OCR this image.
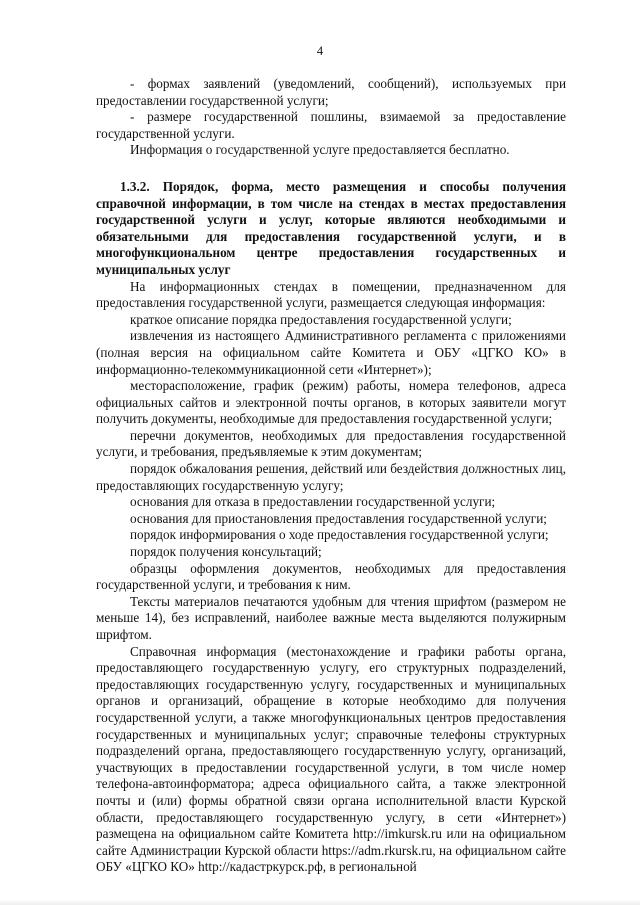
4

- формах заявлений (уведомлений, сообщений), используемых при предоставлении государственной услуги;

- размере государственной пошлины, взимаемой за предоставление государственной услуги.

Информация о государственной услуге предоставляется бесплатно.

1.3.2. Порядок, форма, место размещения и способы получения справочной информации, в том числе на стендах в местах предоставления государственной услуги и услуг, которые являются необходимыми и обязательными для предоставления государственной услуги, и в многофункциональном центре предоставления государственных и муниципальных услуг

На информационных стендах в помещении, предназначенном для предоставления государственной услуги, размещается следующая информация:

краткое описание порядка предоставления государственной услуги;

извлечения из настоящего Административного регламента с приложениями (полная версия на официальном сайте Комитета и ОБУ «ЦГКО КО» в информационно-телекоммуникационной сети «Интернет»);

месторасположение, график (режим) работы, номера телефонов, адреса официальных сайтов и электронной почты органов, в которых заявители могут получить документы, необходимые для предоставления государственной услуги;

перечни документов, необходимых для предоставления государственной услуги, и требования, предъявляемые к этим документам;

порядок обжалования решения, действий или бездействия должностных лиц, предоставляющих государственную услугу;

основания для отказа в предоставлении государственной услуги;

основания для приостановления предоставления государственной услуги;

порядок информирования о ходе предоставления государственной услуги;

порядок получения консультаций;

образцы оформления документов, необходимых для предоставления государственной услуги, и требования к ним.

Тексты материалов печатаются удобным для чтения шрифтом (размером не меньше 14), без исправлений, наиболее важные места выделяются полужирным шрифтом.

Справочная информация (местонахождение и графики работы органа, предоставляющего государственную услугу, его структурных подразделений, предоставляющих государственную услугу, государственных и муниципальных органов и организаций, обращение в которые необходимо для получения государственной услуги, а также многофункциональных центров предоставления государственных и муниципальных услуг; справочные телефоны структурных подразделений органа, предоставляющего государственную услугу, организаций, участвующих в предоставлении государственной услуги, в том числе номер телефона-автоинформатора; адреса официального сайта, а также электронной почты и (или) формы обратной связи органа исполнительной власти Курской области, предоставляющего государственную услугу, в сети «Интернет») размещена на официальном сайте Комитета http://imkursk.ru или на официальном сайте Администрации Курской области https://adm.rkursk.ru, на официальном сайте ОБУ «ЦГКО КО» http://кадастркурск.рф, в региональной
